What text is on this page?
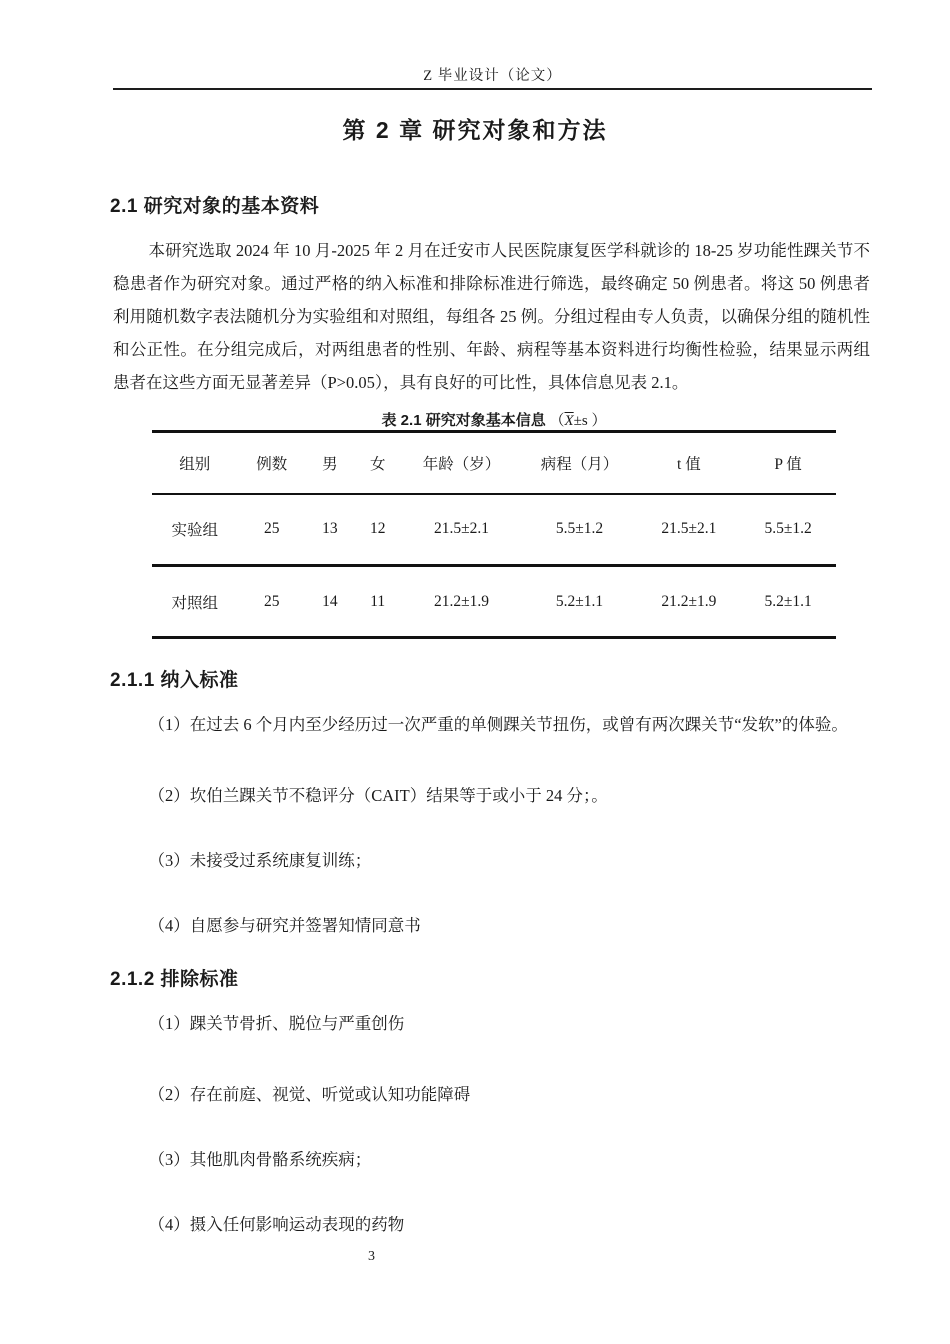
Z 毕业设计（论文）
第 2 章 研究对象和方法
2.1 研究对象的基本资料

本研究选取 2024 年 10 月-2025 年 2 月在迁安市人民医院康复医学科就诊的 18-25 岁功能性踝关节不稳患者作为研究对象。通过严格的纳入标准和排除标准进行筛选，最终确定 50 例患者。将这 50 例患者利用随机数字表法随机分为实验组和对照组，每组各 25 例。分组过程由专人负责，以确保分组的随机性和公正性。在分组完成后，对两组患者的性别、年龄、病程等基本资料进行均衡性检验，结果显示两组患者在这些方面无显著差异（P>0.05），具有良好的可比性，具体信息见表 2.1。

表 2.1 研究对象基本信息 （$\overline{X}\pm s$ ）
组别	例数	男	女	年龄（岁）	病程（月）	t 值	P 值
实验组	25	13	12	21.5±2.1	5.5±1.2	21.5±2.1	5.5±1.2
对照组	25	14	11	21.2±1.9	5.2±1.1	21.2±1.9	5.2±1.1
2.1.1 纳入标准

（1）在过去 6 个月内至少经历过一次严重的单侧踝关节扭伤，或曾有两次踝关节“发软”的体验。

（2）坎伯兰踝关节不稳评分（CAIT）结果等于或小于 24 分；。

（3）未接受过系统康复训练；

（4）自愿参与研究并签署知情同意书

2.1.2 排除标准

（1）踝关节骨折、脱位与严重创伤

（2）存在前庭、视觉、听觉或认知功能障碍

（3）其他肌肉骨骼系统疾病；

（4）摄入任何影响运动表现的药物

3
